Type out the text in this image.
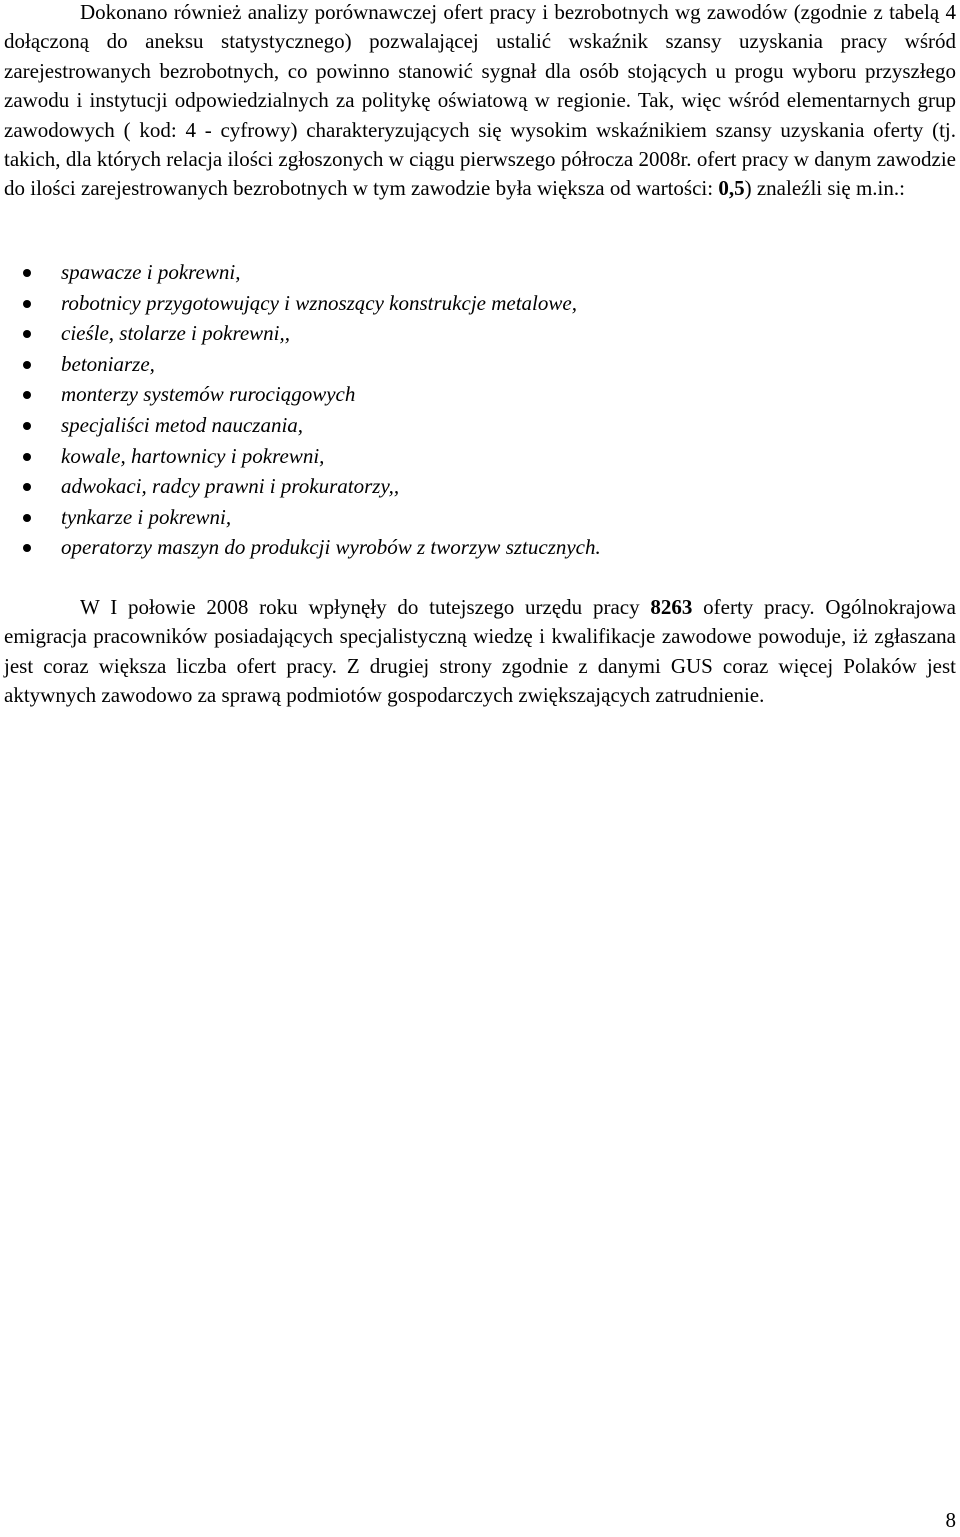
Dokonano również analizy porównawczej ofert pracy i bezrobotnych wg zawodów (zgodnie z tabelą 4 dołączoną do aneksu statystycznego) pozwalającej ustalić wskaźnik szansy uzyskania pracy wśród zarejestrowanych bezrobotnych, co powinno stanowić sygnał dla osób stojących u progu wyboru przyszłego zawodu i instytucji odpowiedzialnych za politykę oświatową w regionie. Tak, więc wśród elementarnych grup zawodowych ( kod: 4 - cyfrowy) charakteryzujących się wysokim wskaźnikiem szansy uzyskania oferty (tj. takich, dla których relacja ilości zgłoszonych w ciągu pierwszego półrocza 2008r. ofert pracy w danym zawodzie do ilości zarejestrowanych bezrobotnych w tym zawodzie była większa od wartości: 0,5) znaleźli się m.in.:

spawacze i pokrewni,
robotnicy przygotowujący i wznoszący konstrukcje metalowe,
cieśle, stolarze i pokrewni,,
betoniarze,
monterzy systemów rurociągowych
specjaliści metod nauczania,
kowale, hartownicy i pokrewni,
adwokaci, radcy prawni i prokuratorzy,,
tynkarze i pokrewni,
operatorzy maszyn do produkcji wyrobów z tworzyw sztucznych.

W I połowie 2008 roku wpłynęły do tutejszego urzędu pracy 8263 oferty pracy. Ogólnokrajowa emigracja pracowników posiadających specjalistyczną wiedzę i kwalifikacje zawodowe powoduje, iż zgłaszana jest coraz większa liczba ofert pracy. Z drugiej strony zgodnie z danymi GUS coraz więcej Polaków jest aktywnych zawodowo za sprawą podmiotów gospodarczych zwiększających zatrudnienie.

8
